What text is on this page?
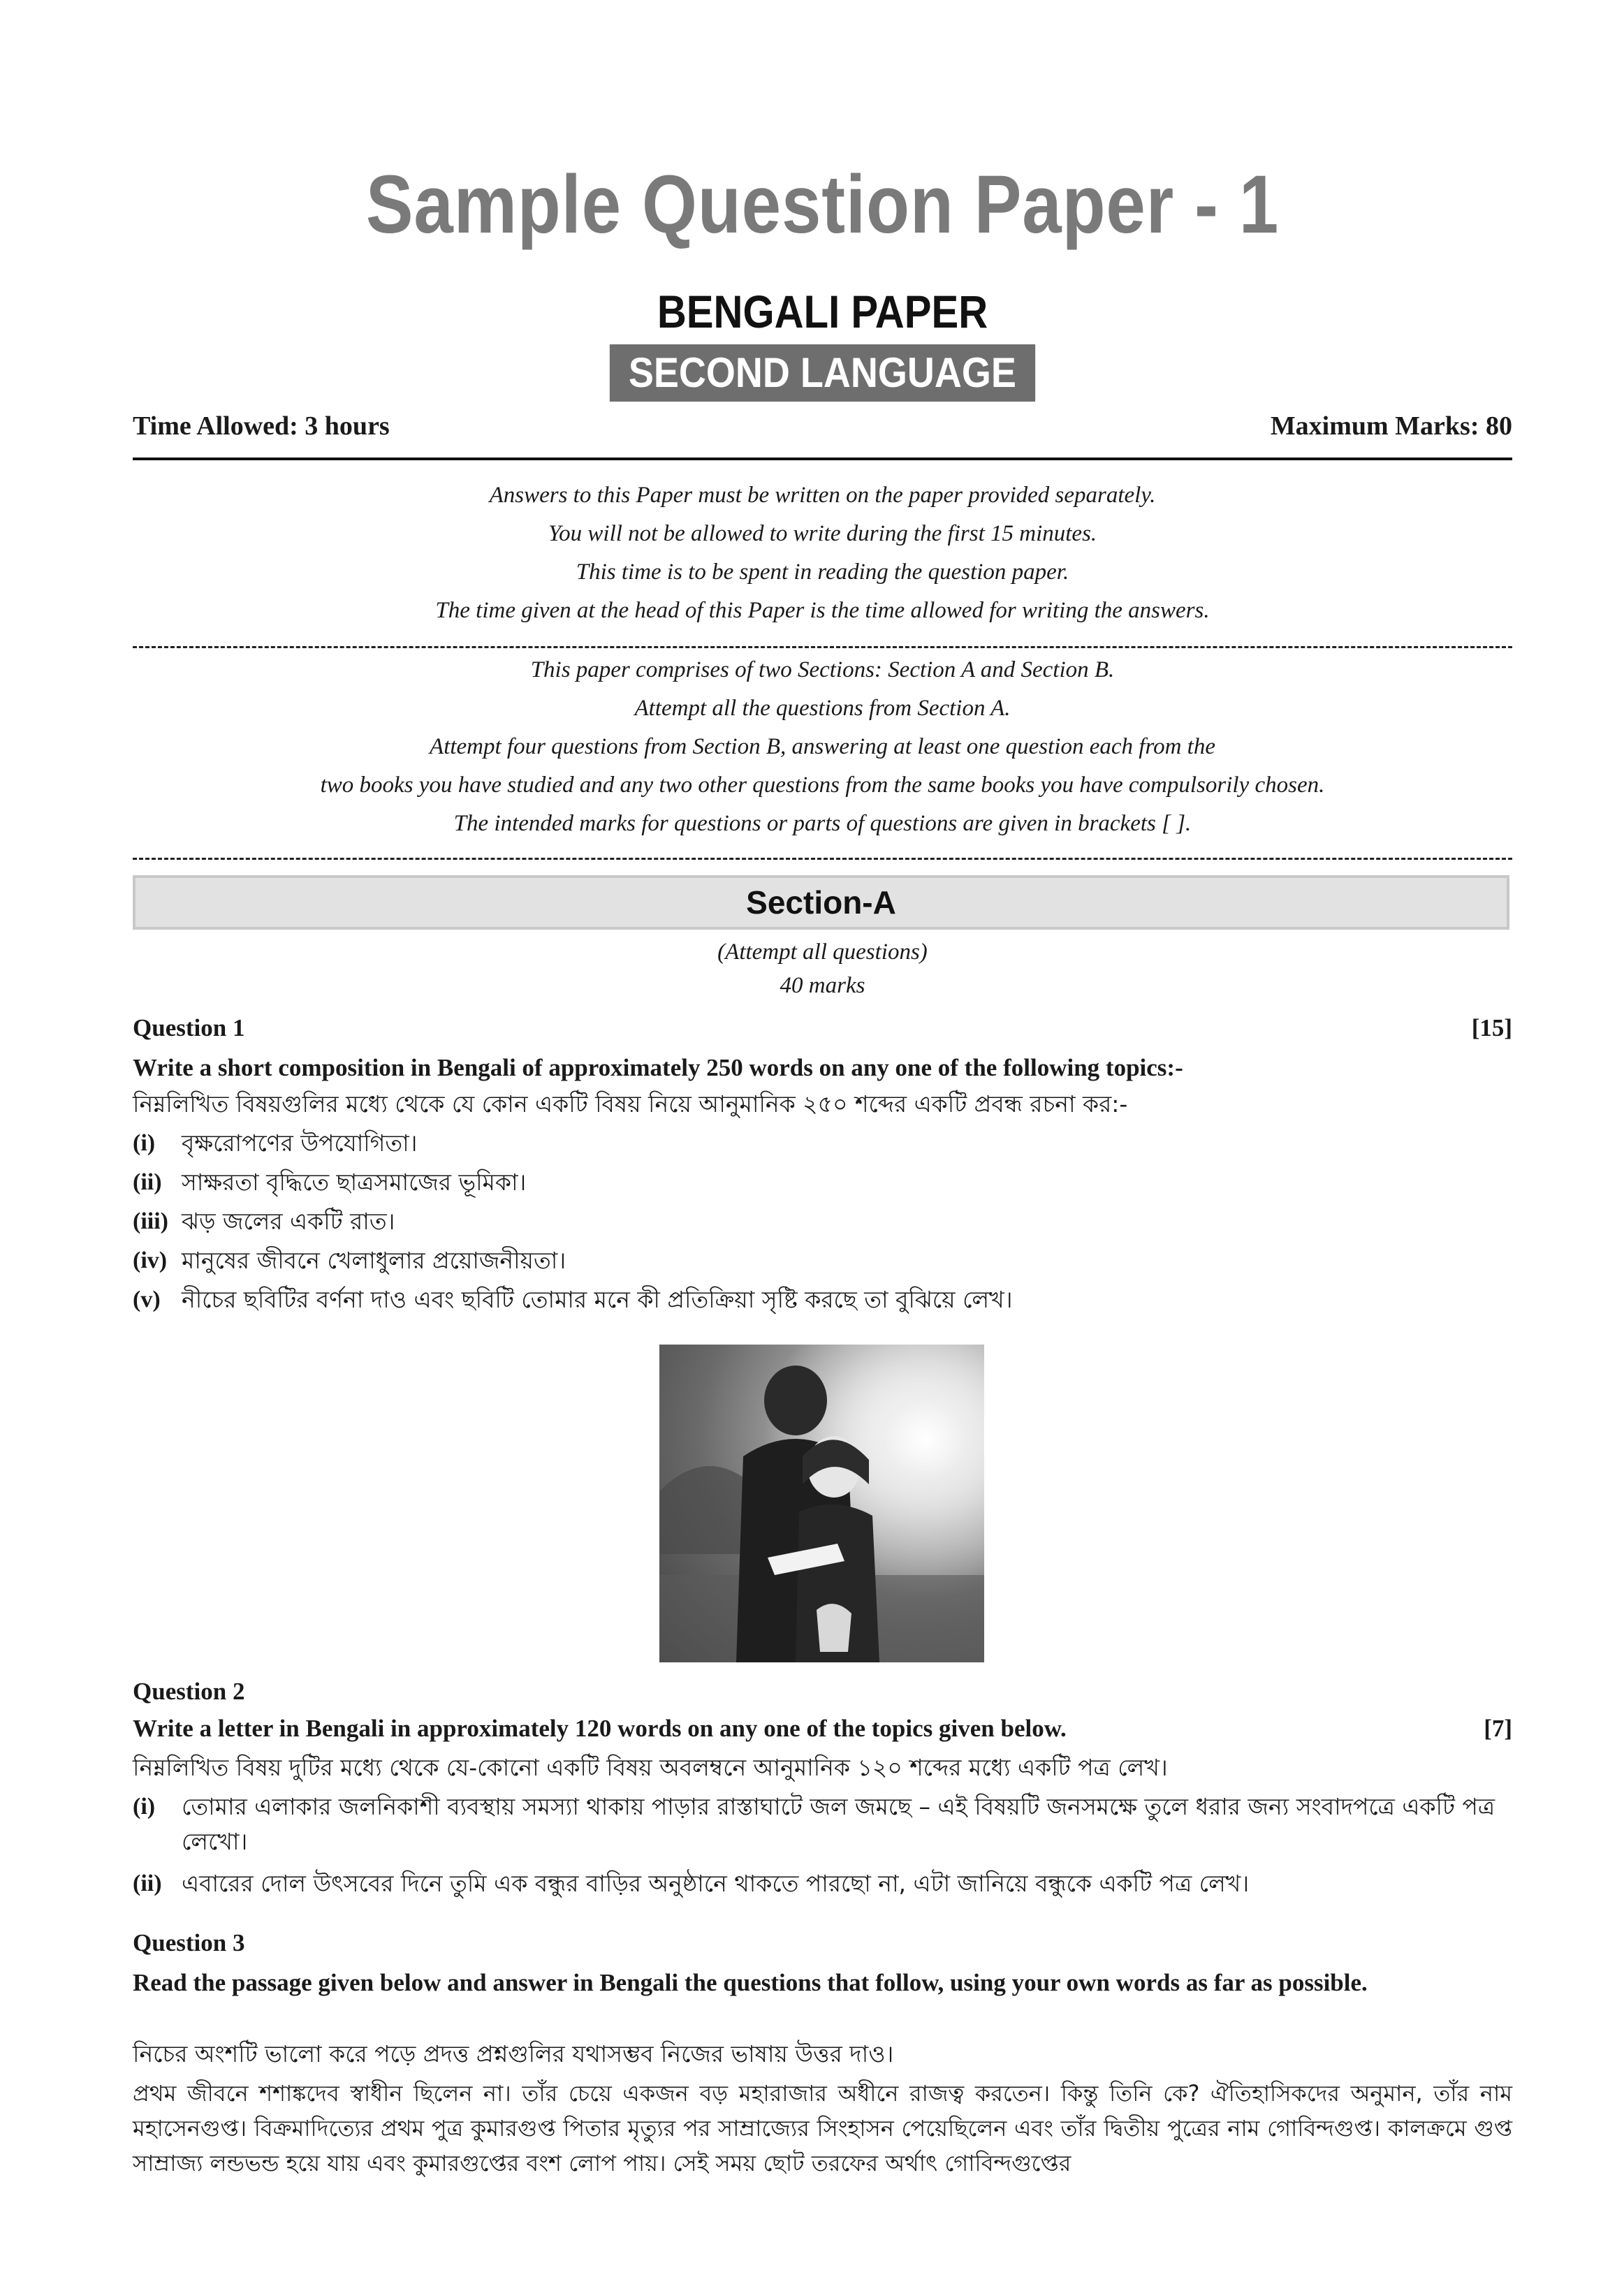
Sample Question Paper - 1
BENGALI PAPER
SECOND LANGUAGE
Time Allowed: 3 hours	Maximum Marks: 80
Answers to this Paper must be written on the paper provided separately.
You will not be allowed to write during the first 15 minutes.
This time is to be spent in reading the question paper.
The time given at the head of this Paper is the time allowed for writing the answers.
This paper comprises of two Sections: Section A and Section B.
Attempt all the questions from Section A.
Attempt four questions from Section B, answering at least one question each from the
two books you have studied and any two other questions from the same books you have compulsorily chosen.
The intended marks for questions or parts of questions are given in brackets [ ].
Section-A
(Attempt all questions)
40 marks
Question 1	[15]
Write a short composition in Bengali of approximately 250 words on any one of the following topics:-
নিম্নলিখিত বিষয়গুলির মধ্যে থেকে যে কোন একটি বিষয় নিয়ে আনুমানিক ২৫০ শব্দের একটি প্রবন্ধ রচনা কর:-
(i)	বৃক্ষরোপণের উপযোগিতা।
(ii) সাক্ষরতা বৃদ্ধিতে ছাত্রসমাজের ভূমিকা।
(iii) ঝড় জলের একটি রাত।
(iv) মানুষের জীবনে খেলাধুলার প্রয়োজনীয়তা।
(v) নীচের ছবিটির বর্ণনা দাও এবং ছবিটি তোমার মনে কী প্রতিক্রিয়া সৃষ্টি করছে তা বুঝিয়ে লেখ।
Question 2
Write a letter in Bengali in approximately 120 words on any one of the topics given below.	[7]
নিম্নলিখিত বিষয় দুটির মধ্যে থেকে যে-কোনো একটি বিষয় অবলম্বনে আনুমানিক ১২০ শব্দের মধ্যে একটি পত্র লেখ।
(i)	তোমার এলাকার জলনিকাশী ব্যবস্থায় সমস্যা থাকায় পাড়ার রাস্তাঘাটে জল জমছে – এই বিষয়টি জনসমক্ষে তুলে ধরার জন্য সংবাদপত্রে একটি পত্র লেখো।
(ii) এবারের দোল উৎসবের দিনে তুমি এক বন্ধুর বাড়ির অনুষ্ঠানে থাকতে পারছো না, এটা জানিয়ে বন্ধুকে একটি পত্র লেখ।
Question 3
Read the passage given below and answer in Bengali the questions that follow, using your own words as far as possible.
নিচের অংশটি ভালো করে পড়ে প্রদত্ত প্রশ্নগুলির যথাসম্ভব নিজের ভাষায় উত্তর দাও।
প্রথম জীবনে শশাঙ্কদেব স্বাধীন ছিলেন না। তাঁর চেয়ে একজন বড় মহারাজার অধীনে রাজত্ব করতেন। কিন্তু তিনি কে? ঐতিহাসিকদের অনুমান, তাঁর নাম মহাসেনগুপ্ত। বিক্রমাদিত্যের প্রথম পুত্র কুমারগুপ্ত পিতার মৃত্যুর পর সাম্রাজ্যের সিংহাসন পেয়েছিলেন এবং তাঁর দ্বিতীয় পুত্রের নাম গোবিন্দগুপ্ত। কালক্রমে গুপ্ত সাম্রাজ্য লন্ডভন্ড হয়ে যায় এবং কুমারগুপ্তের বংশ লোপ পায়। সেই সময় ছোট তরফের অর্থাৎ গোবিন্দগুপ্তের
